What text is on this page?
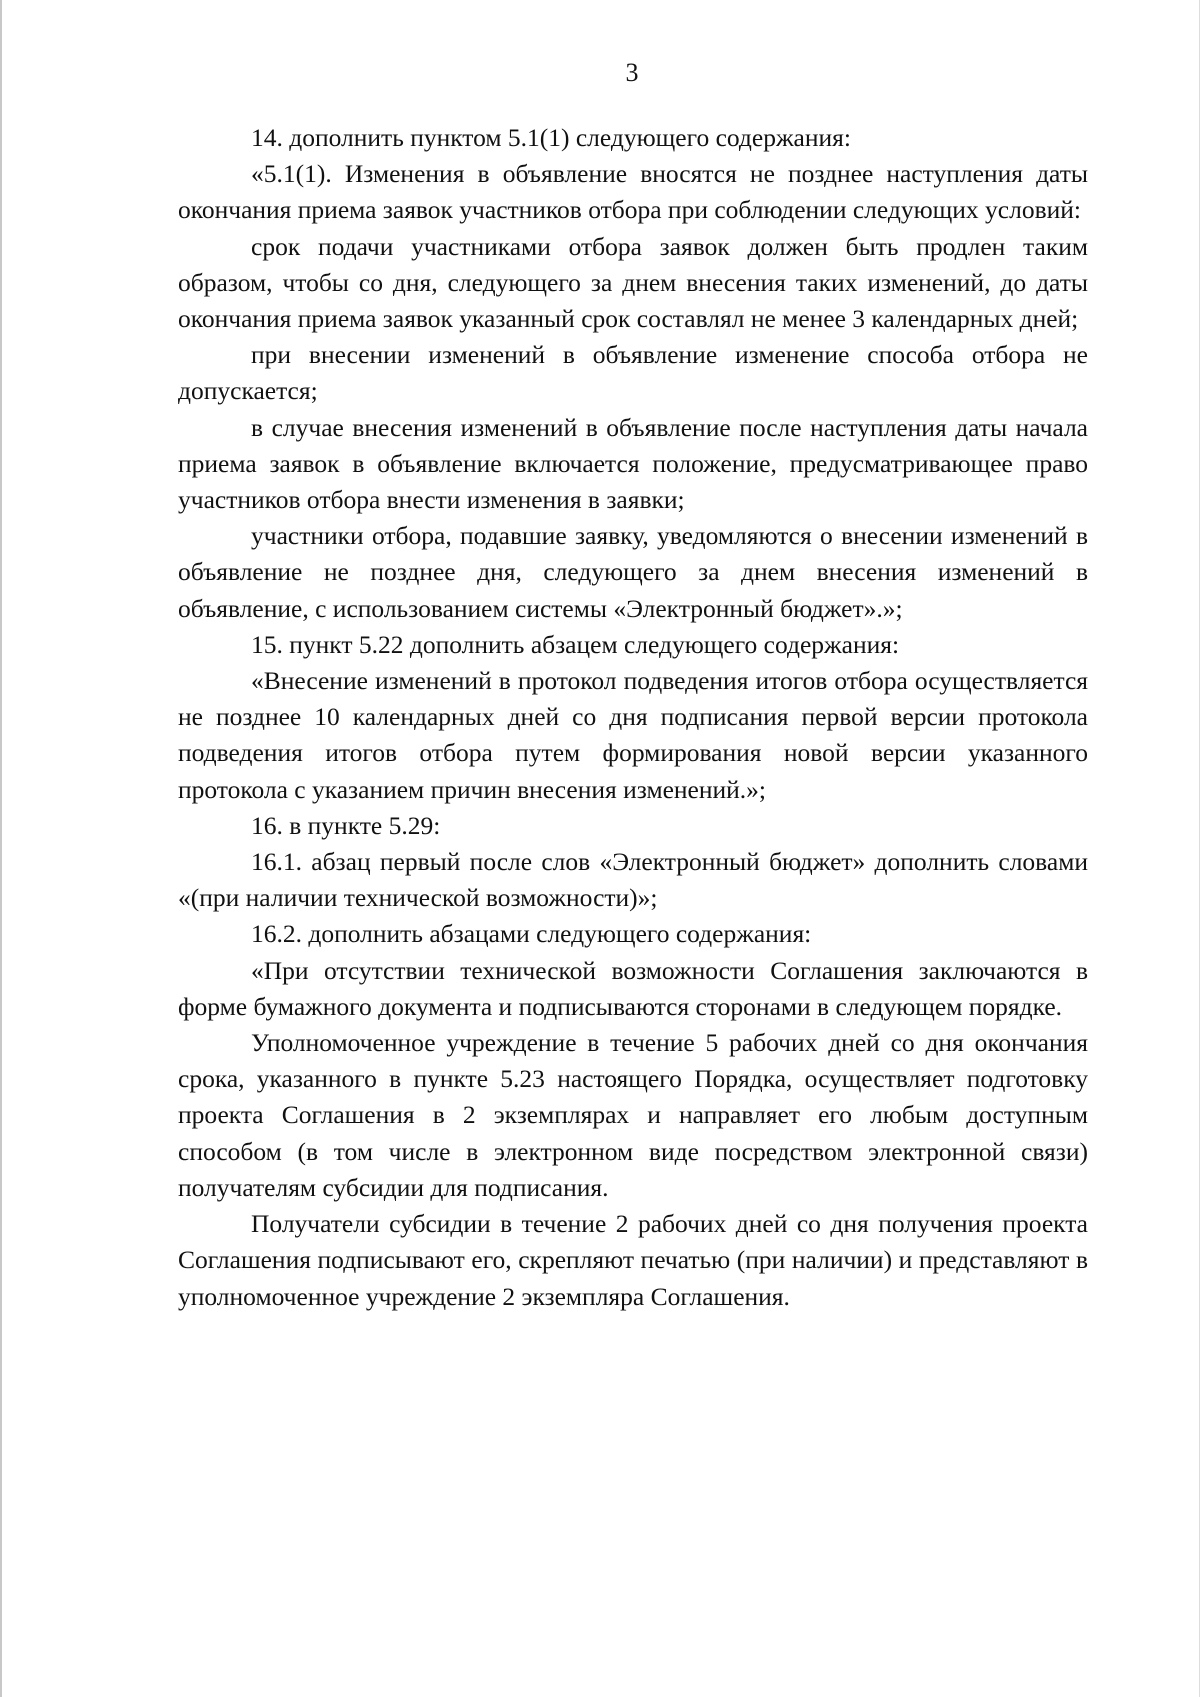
3

14. дополнить пунктом 5.1(1) следующего содержания:

«5.1(1). Изменения в объявление вносятся не позднее наступления даты окончания приема заявок участников отбора при соблюдении следующих условий:

срок подачи участниками отбора заявок должен быть продлен таким образом, чтобы со дня, следующего за днем внесения таких изменений, до даты окончания приема заявок указанный срок составлял не менее 3 календарных дней;

при внесении изменений в объявление изменение способа отбора не допускается;

в случае внесения изменений в объявление после наступления даты начала приема заявок в объявление включается положение, предусматривающее право участников отбора внести изменения в заявки;

участники отбора, подавшие заявку, уведомляются о внесении изменений в объявление не позднее дня, следующего за днем внесения изменений в объявление, с использованием системы «Электронный бюджет».»;

15. пункт 5.22 дополнить абзацем следующего содержания:

«Внесение изменений в протокол подведения итогов отбора осуществляется не позднее 10 календарных дней со дня подписания первой версии протокола подведения итогов отбора путем формирования новой версии указанного протокола с указанием причин внесения изменений.»;

16. в пункте 5.29:

16.1. абзац первый после слов «Электронный бюджет» дополнить словами «(при наличии технической возможности)»;

16.2. дополнить абзацами следующего содержания:

«При отсутствии технической возможности Соглашения заключаются в форме бумажного документа и подписываются сторонами в следующем порядке.

Уполномоченное учреждение в течение 5 рабочих дней со дня окончания срока, указанного в пункте 5.23 настоящего Порядка, осуществляет подготовку проекта Соглашения в 2 экземплярах и направляет его любым доступным способом (в том числе в электронном виде посредством электронной связи) получателям субсидии для подписания.

Получатели субсидии в течение 2 рабочих дней со дня получения проекта Соглашения подписывают его, скрепляют печатью (при наличии) и представляют в уполномоченное учреждение 2 экземпляра Соглашения.
